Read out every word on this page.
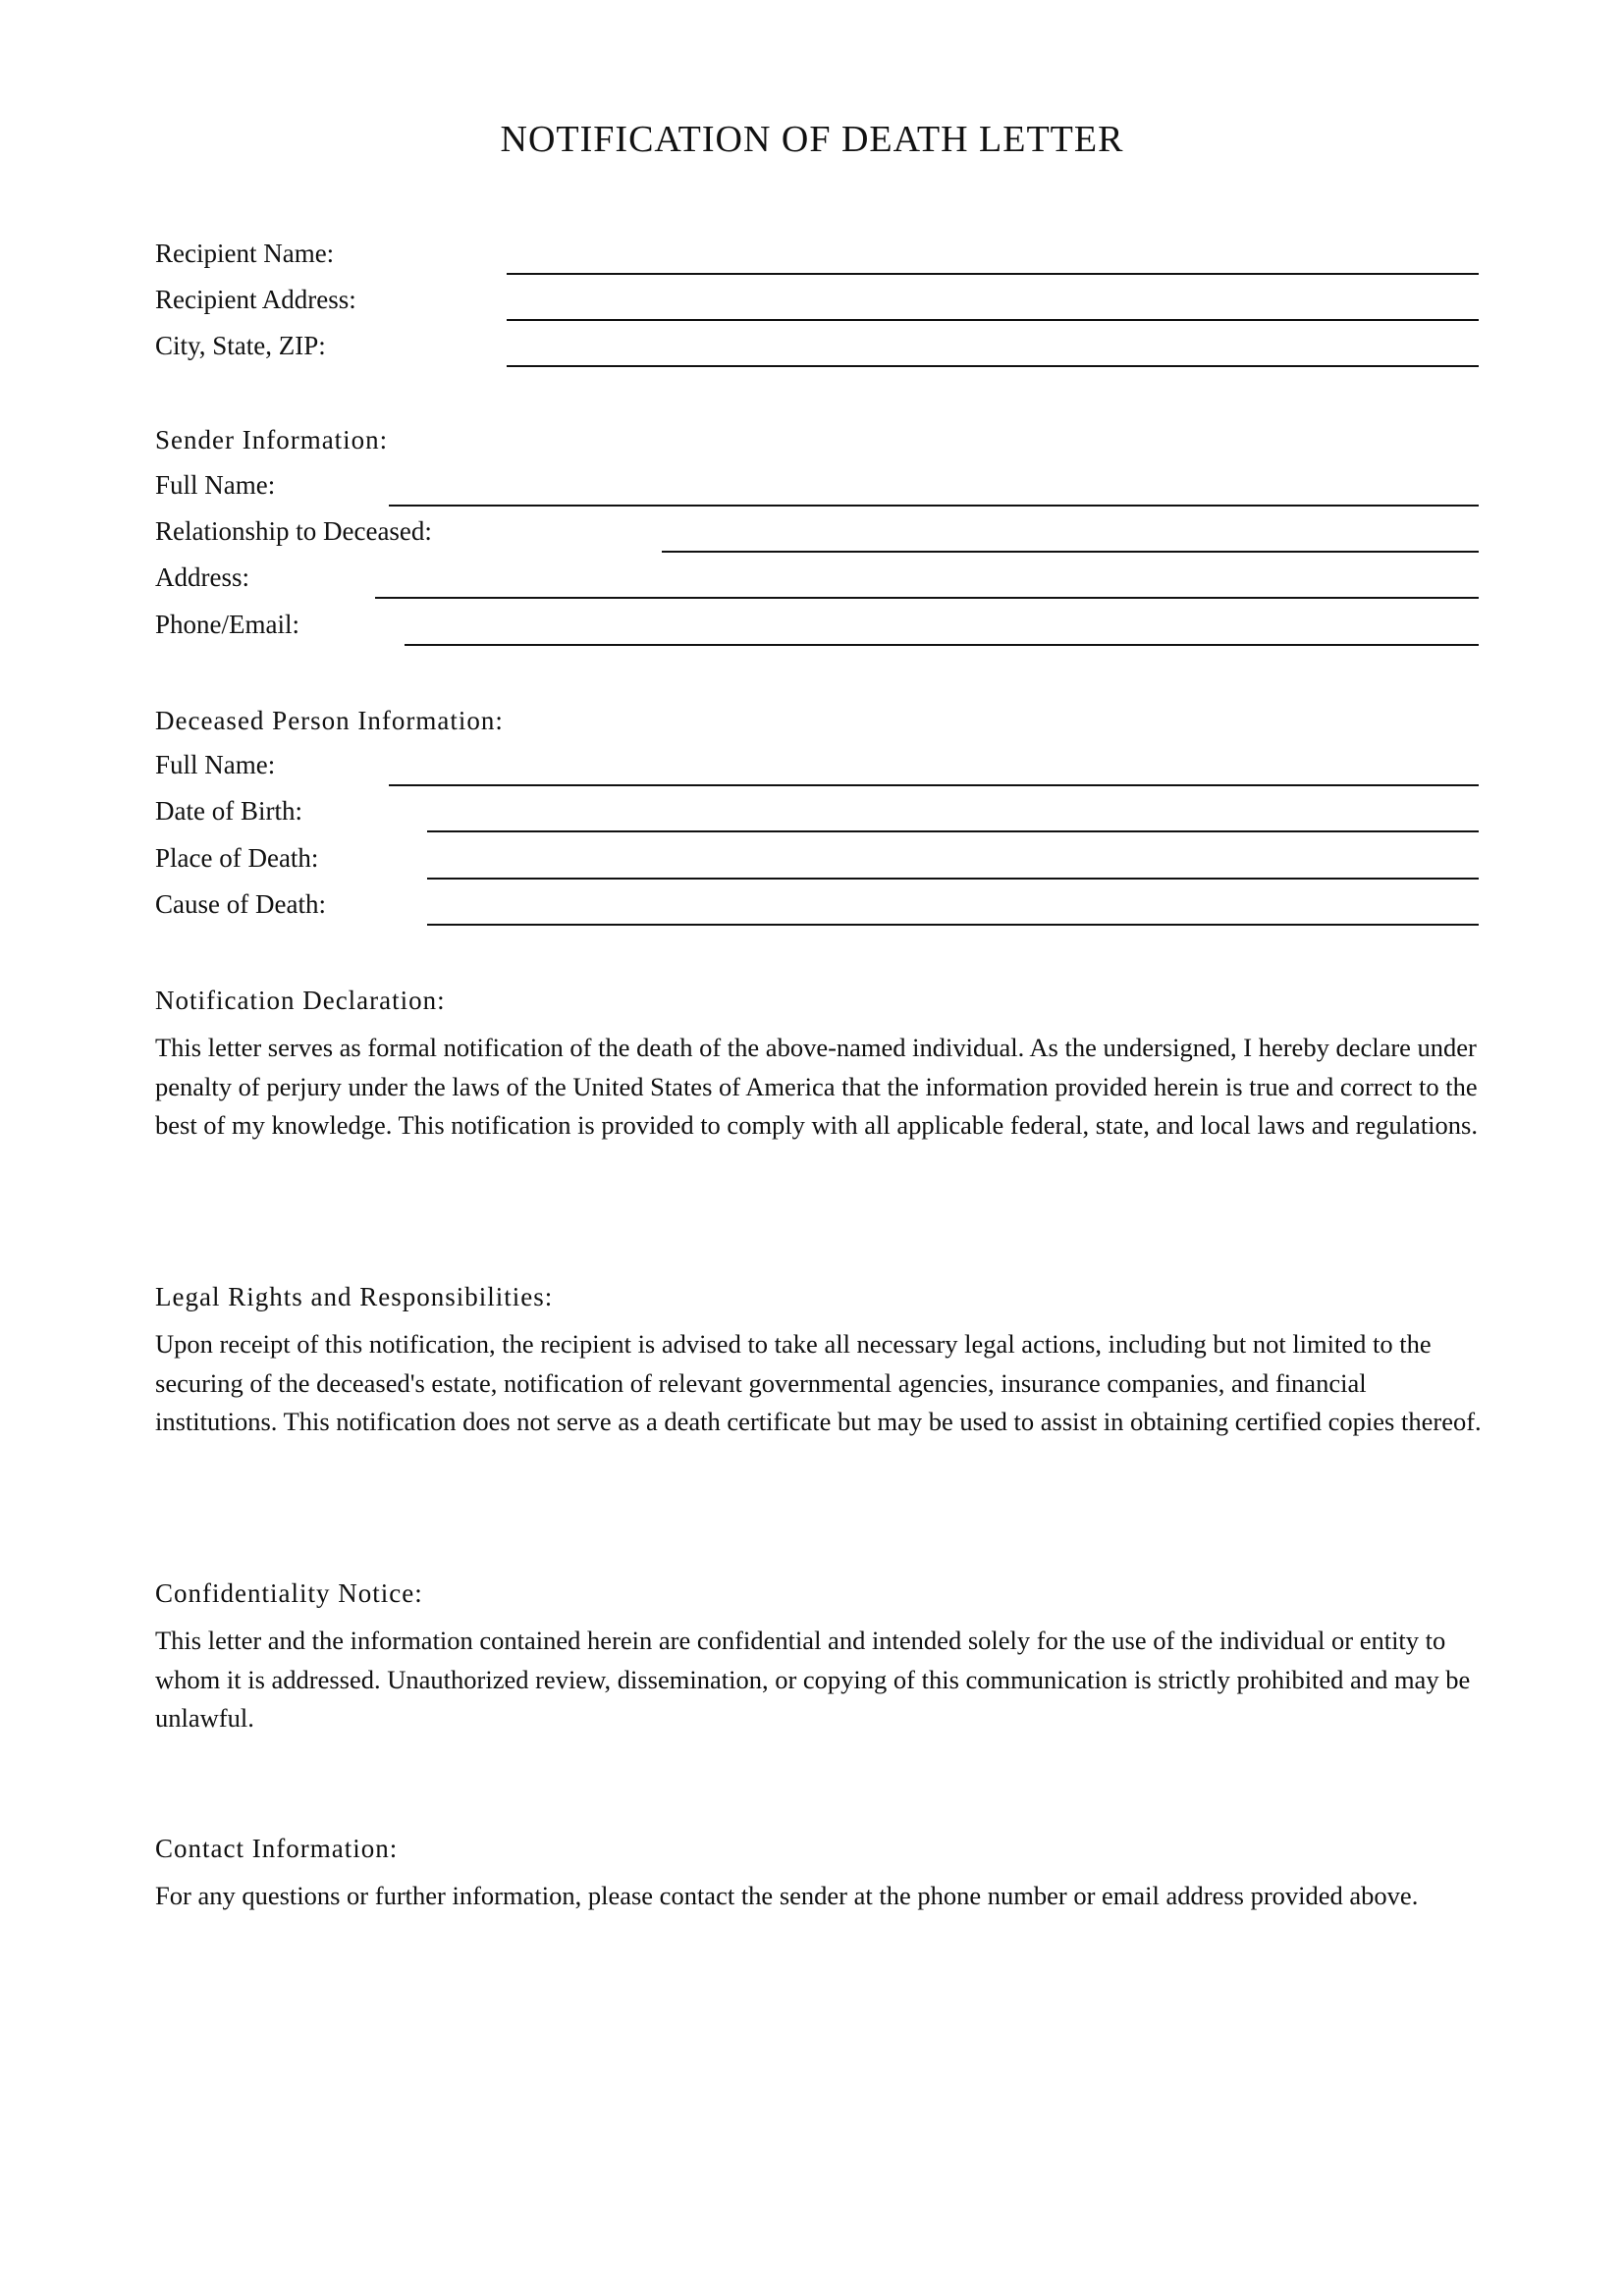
NOTIFICATION OF DEATH LETTER
Recipient Name:
Recipient Address:
City, State, ZIP:
Sender Information:
Full Name:
Relationship to Deceased:
Address:
Phone/Email:
Deceased Person Information:
Full Name:
Date of Birth:
Place of Death:
Cause of Death:
Notification Declaration:

This letter serves as formal notification of the death of the above-named individual. As the undersigned, I hereby declare under penalty of perjury under the laws of the United States of America that the information provided herein is true and correct to the best of my knowledge. This notification is provided to comply with all applicable federal, state, and local laws and regulations.

Legal Rights and Responsibilities:

Upon receipt of this notification, the recipient is advised to take all necessary legal actions, including but not limited to the securing of the deceased's estate, notification of relevant governmental agencies, insurance companies, and financial institutions. This notification does not serve as a death certificate but may be used to assist in obtaining certified copies thereof.

Confidentiality Notice:

This letter and the information contained herein are confidential and intended solely for the use of the individual or entity to whom it is addressed. Unauthorized review, dissemination, or copying of this communication is strictly prohibited and may be unlawful.

Contact Information:

For any questions or further information, please contact the sender at the phone number or email address provided above.
